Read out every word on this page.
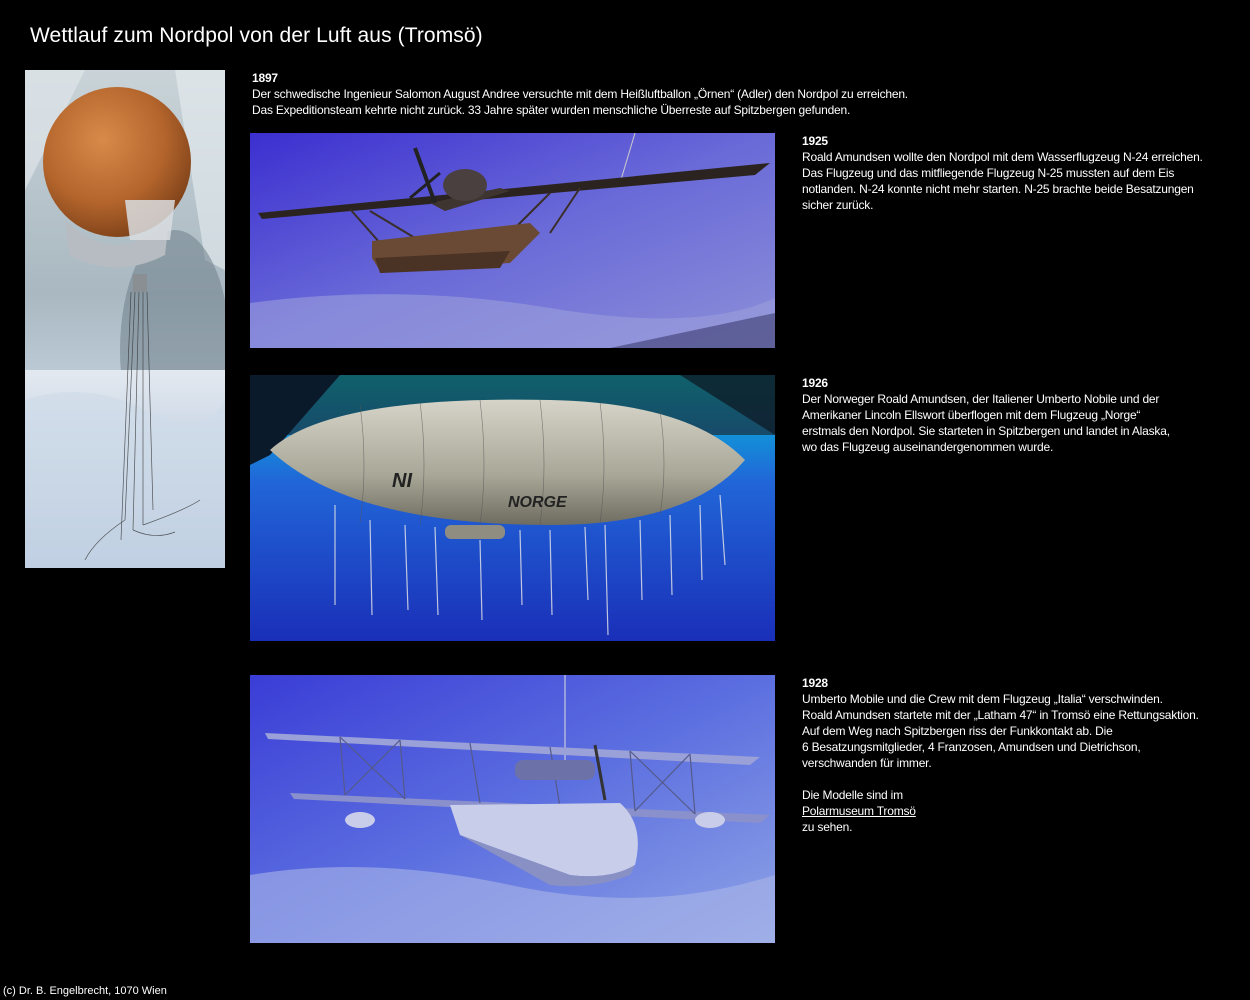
Wettlauf zum Nordpol von der Luft aus (Tromsö)
1897
Der schwedische Ingenieur Salomon August Andree versuchte mit dem Heißluftballon „Örnen“ (Adler) den Nordpol zu erreichen.
Das Expeditionsteam kehrte nicht zurück. 33 Jahre später wurden menschliche Überreste auf Spitzbergen gefunden.
1925
Roald Amundsen wollte den Nordpol mit dem Wasserflugzeug N-24 erreichen.
Das Flugzeug und das mitfliegende Flugzeug N-25 mussten auf dem Eis
notlanden. N-24 konnte nicht mehr starten. N-25 brachte beide Besatzungen
sicher zurück.
NI
NORGE
1926
Der Norweger Roald Amundsen, der Italiener Umberto Nobile und der
Amerikaner Lincoln Ellswort überflogen mit dem Flugzeug „Norge“
erstmals den Nordpol. Sie starteten in Spitzbergen und landet in Alaska,
wo das Flugzeug auseinandergenommen wurde.
1928
Umberto Mobile und die Crew mit dem Flugzeug „Italia“ verschwinden.
Roald Amundsen startete mit der „Latham 47“ in Tromsö eine Rettungsaktion.
Auf dem Weg nach Spitzbergen riss der Funkkontakt ab. Die
6 Besatzungsmitglieder, 4 Franzosen, Amundsen und Dietrichson,
verschwanden für immer.

Die Modelle sind im
Polarmuseum Tromsö
zu sehen.
(c) Dr. B. Engelbrecht, 1070 Wien
